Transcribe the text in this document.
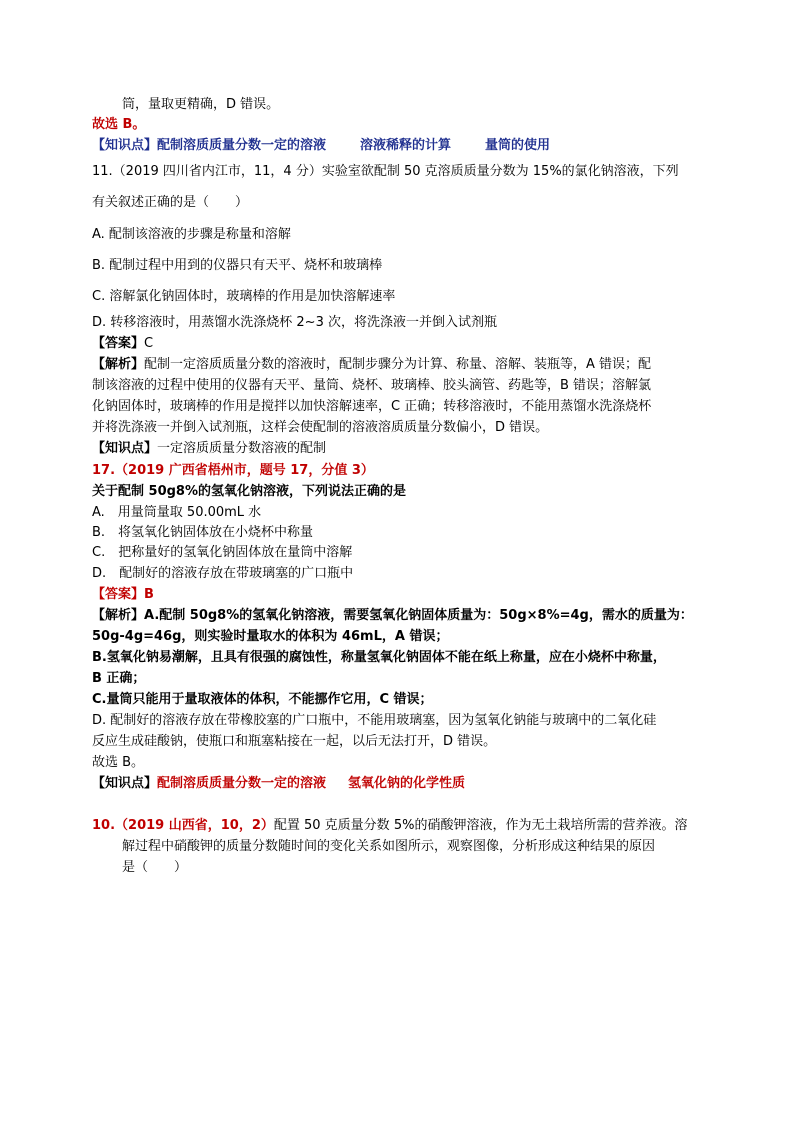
筒，量取更精确，D 错误。
故选 B。
【知识点】配制溶质质量分数一定的溶液	溶液稀释的计算	量筒的使用
11.（2019 四川省内江市，11，4 分）实验室欲配制 50 克溶质质量分数为 15%的氯化钠溶液，下列
有关叙述正确的是（　　）
A. 配制该溶液的步骤是称量和溶解
B. 配制过程中用到的仪器只有天平、烧杯和玻璃棒
C. 溶解氯化钠固体时，玻璃棒的作用是加快溶解速率
D. 转移溶液时，用蒸馏水洗涤烧杯 2~3 次，将洗涤液一并倒入试剂瓶
【答案】C
【解析】配制一定溶质质量分数的溶液时，配制步骤分为计算、称量、溶解、装瓶等，A 错误；配
制该溶液的过程中使用的仪器有天平、量筒、烧杯、玻璃棒、胶头滴管、药匙等，B 错误；溶解氯
化钠固体时，玻璃棒的作用是搅拌以加快溶解速率，C 正确；转移溶液时，不能用蒸馏水洗涤烧杯
并将洗涤液一并倒入试剂瓶，这样会使配制的溶液溶质质量分数偏小，D 错误。
【知识点】一定溶质质量分数溶液的配制
17.（2019 广西省梧州市，题号 17，分值 3）
关于配制 50g8%的氢氧化钠溶液，下列说法正确的是
A.　用量筒量取 50.00mL 水
B.　将氢氧化钠固体放在小烧杯中称量
C.　把称量好的氢氧化钠固体放在量筒中溶解
D.　配制好的溶液存放在带玻璃塞的广口瓶中
【答案】B
【解析】A.配制 50g8%的氢氧化钠溶液，需要氢氧化钠固体质量为：50g×8%=4g，需水的质量为：
50g-4g=46g，则实验时量取水的体积为 46mL，A 错误；
B.氢氧化钠易潮解，且具有很强的腐蚀性，称量氢氧化钠固体不能在纸上称量，应在小烧杯中称量，
B 正确；
C.量筒只能用于量取液体的体积，不能挪作它用，C 错误；
D. 配制好的溶液存放在带橡胶塞的广口瓶中，不能用玻璃塞，因为氢氧化钠能与玻璃中的二氧化硅
反应生成硅酸钠，使瓶口和瓶塞粘接在一起，以后无法打开，D 错误。
故选 B。
【知识点】配制溶质质量分数一定的溶液 氢氧化钠的化学性质
10.（2019 山西省，10，2）配置 50 克质量分数 5%的硝酸钾溶液，作为无土栽培所需的营养液。溶
解过程中硝酸钾的质量分数随时间的变化关系如图所示，观察图像，分析形成这种结果的原因
是（　　）
